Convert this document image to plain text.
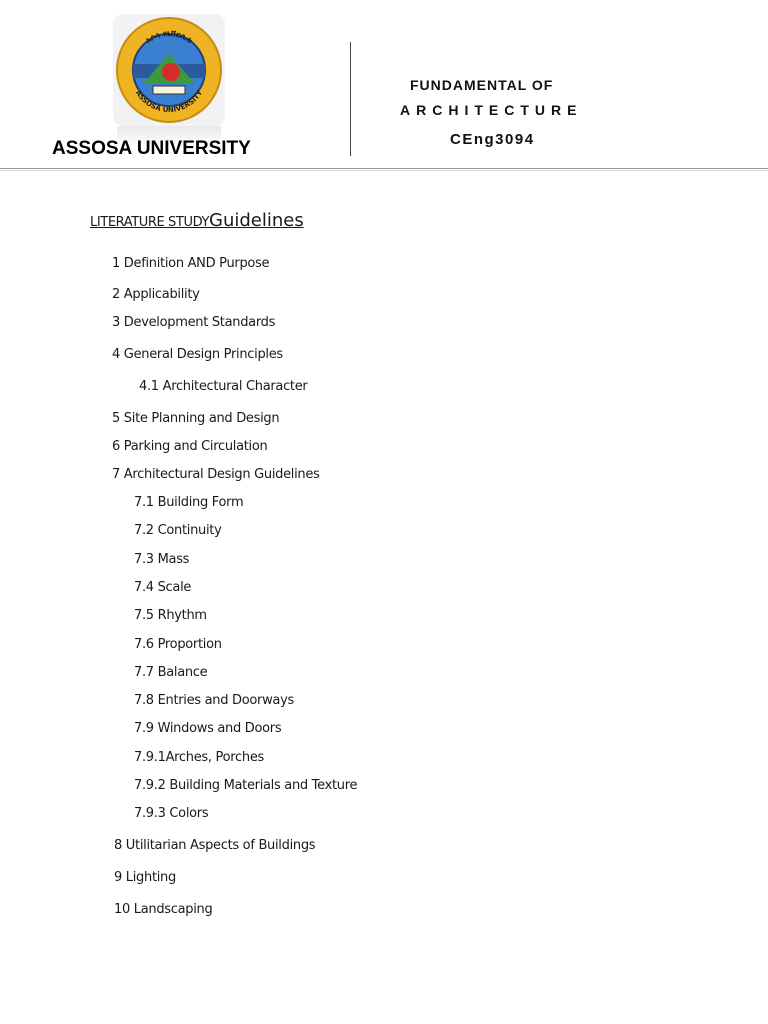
አሶሳ ዩኒቨርሲቲ
ASSOSA UNIVERSITY
ASSOSA UNIVERSITY
FUNDAMENTAL OF
ARCHITECTURE
CEng3094
LITERATURE STUDYGuidelines
1 Definition AND Purpose
2 Applicability
3 Development Standards
4 General Design Principles
4.1 Architectural Character
5 Site Planning and Design
6 Parking and Circulation
7 Architectural Design Guidelines
7.1 Building Form
7.2 Continuity
7.3 Mass
7.4 Scale
7.5 Rhythm
7.6 Proportion
7.7 Balance
7.8 Entries and Doorways
7.9 Windows and Doors
7.9.1Arches, Porches
7.9.2 Building Materials and Texture
7.9.3 Colors
8 Utilitarian Aspects of Buildings
9 Lighting
10 Landscaping
